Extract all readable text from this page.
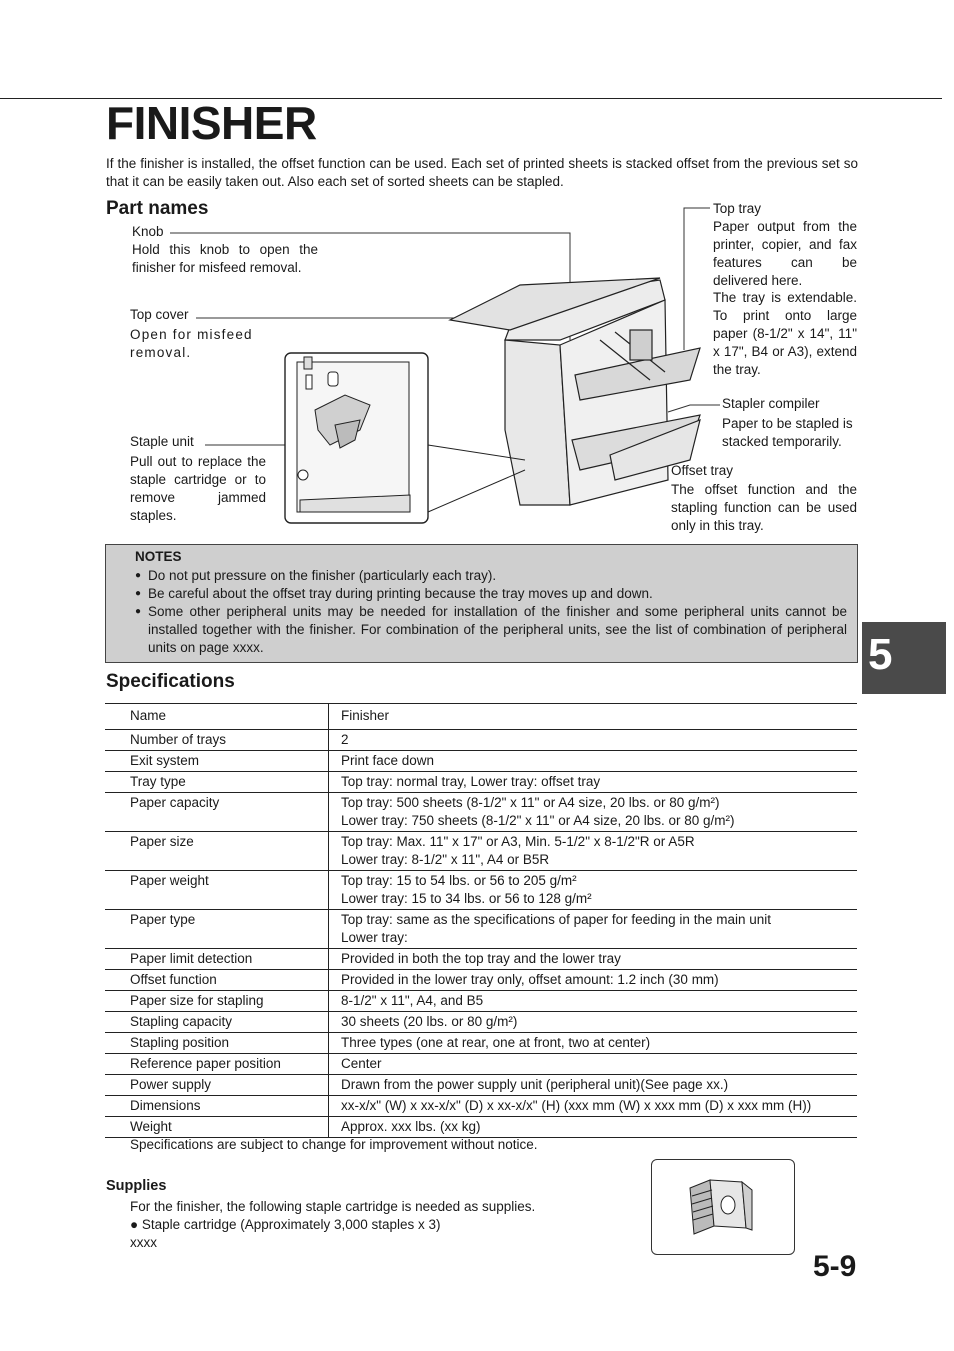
FINISHER
If the finisher is installed, the offset function can be used. Each set of printed sheets is stacked offset from the previous set so that it can be easily taken out. Also each set of sorted sheets can be stapled.
Part names
Knob
Hold this knob to open the finisher for misfeed removal.
Top cover
Open for misfeed removal.
Staple unit
Pull out to replace the staple cartridge or to remove jammed staples.
Top tray
Paper output from the printer, copier, and fax features can be delivered here.
The tray is extendable. To print onto large paper (8-1/2" x 14", 11" x 17", B4 or A3), extend the tray.
Stapler compiler
Paper to be stapled is stacked temporarily.
Offset tray
The offset function and the stapling function can be used only in this tray.
NOTES
● Do not put pressure on the finisher (particularly each tray).
● Be careful about the offset tray during printing because the tray moves up and down.
● Some other peripheral units may be needed for installation of the finisher and some peripheral units cannot be installed together with the finisher. For combination of the peripheral units, see the list of combination of peripheral units on page xxxx.	5
Specifications
Name	Finisher

Number of trays	2

Exit system	Print face down

Tray type	Top tray: normal tray, Lower tray: offset tray

Paper capacity	Top tray: 500 sheets (8-1/2" x 11" or A4 size, 20 lbs. or 80 g/m²)
Lower tray: 750 sheets (8-1/2" x 11" or A4 size, 20 lbs. or 80 g/m²)

Paper size	Top tray: Max. 11" x 17" or A3, Min. 5-1/2" x 8-1/2"R or A5R
Lower tray: 8-1/2" x 11", A4 or B5R

Paper weight	Top tray: 15 to 54 lbs. or 56 to 205 g/m²
Lower tray: 15 to 34 lbs. or 56 to 128 g/m²

Paper type	Top tray: same as the specifications of paper for feeding in the main unit
Lower tray:

Paper limit detection	Provided in both the top tray and the lower tray

Offset function	Provided in the lower tray only, offset amount: 1.2 inch (30 mm)

Paper size for stapling	8-1/2" x 11", A4, and B5

Stapling capacity	30 sheets (20 lbs. or 80 g/m²)

Stapling position	Three types (one at rear, one at front, two at center)

Reference paper position	Center

Power supply	Drawn from the power supply unit (peripheral unit)(See page xx.)

Dimensions	xx-x/x" (W) x xx-x/x" (D) x xx-x/x" (H) (xxx mm (W) x xxx mm (D) x xxx mm (H))

Weight	Approx. xxx lbs. (xx kg)
Specifications are subject to change for improvement without notice.
Supplies
For the finisher, the following staple cartridge is needed as supplies.
● Staple cartridge (Approximately 3,000 staples x 3)
xxxx
5-9
